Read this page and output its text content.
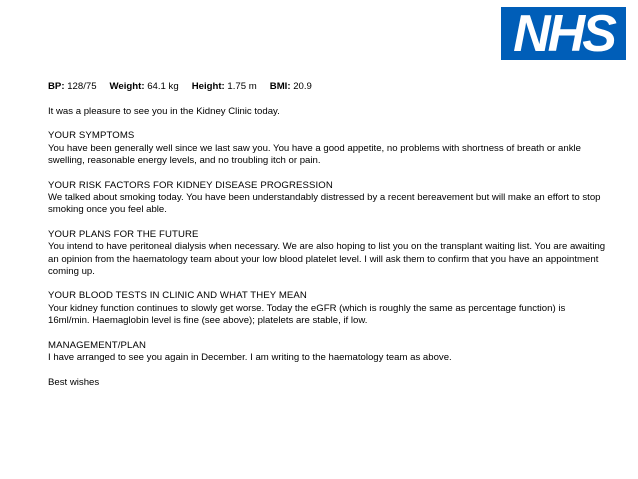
NHS

BP: 128/75 Weight: 64.1 kg Height: 1.75 m BMI: 20.9

It was a pleasure to see you in the Kidney Clinic today.

YOUR SYMPTOMS

You have been generally well since we last saw you. You have a good appetite, no problems with shortness of breath or ankle swelling, reasonable energy levels, and no troubling itch or pain.

YOUR RISK FACTORS FOR KIDNEY DISEASE PROGRESSION

We talked about smoking today. You have been understandably distressed by a recent bereavement but will make an effort to stop smoking once you feel able.

YOUR PLANS FOR THE FUTURE

You intend to have peritoneal dialysis when necessary. We are also hoping to list you on the transplant waiting list. You are awaiting an opinion from the haematology team about your low blood platelet level. I will ask them to confirm that you have an appointment coming up.

YOUR BLOOD TESTS IN CLINIC AND WHAT THEY MEAN

Your kidney function continues to slowly get worse. Today the eGFR (which is roughly the same as percentage function) is 16ml/min. Haemaglobin level is fine (see above); platelets are stable, if low.

MANAGEMENT/PLAN

I have arranged to see you again in December. I am writing to the haematology team as above.

Best wishes
